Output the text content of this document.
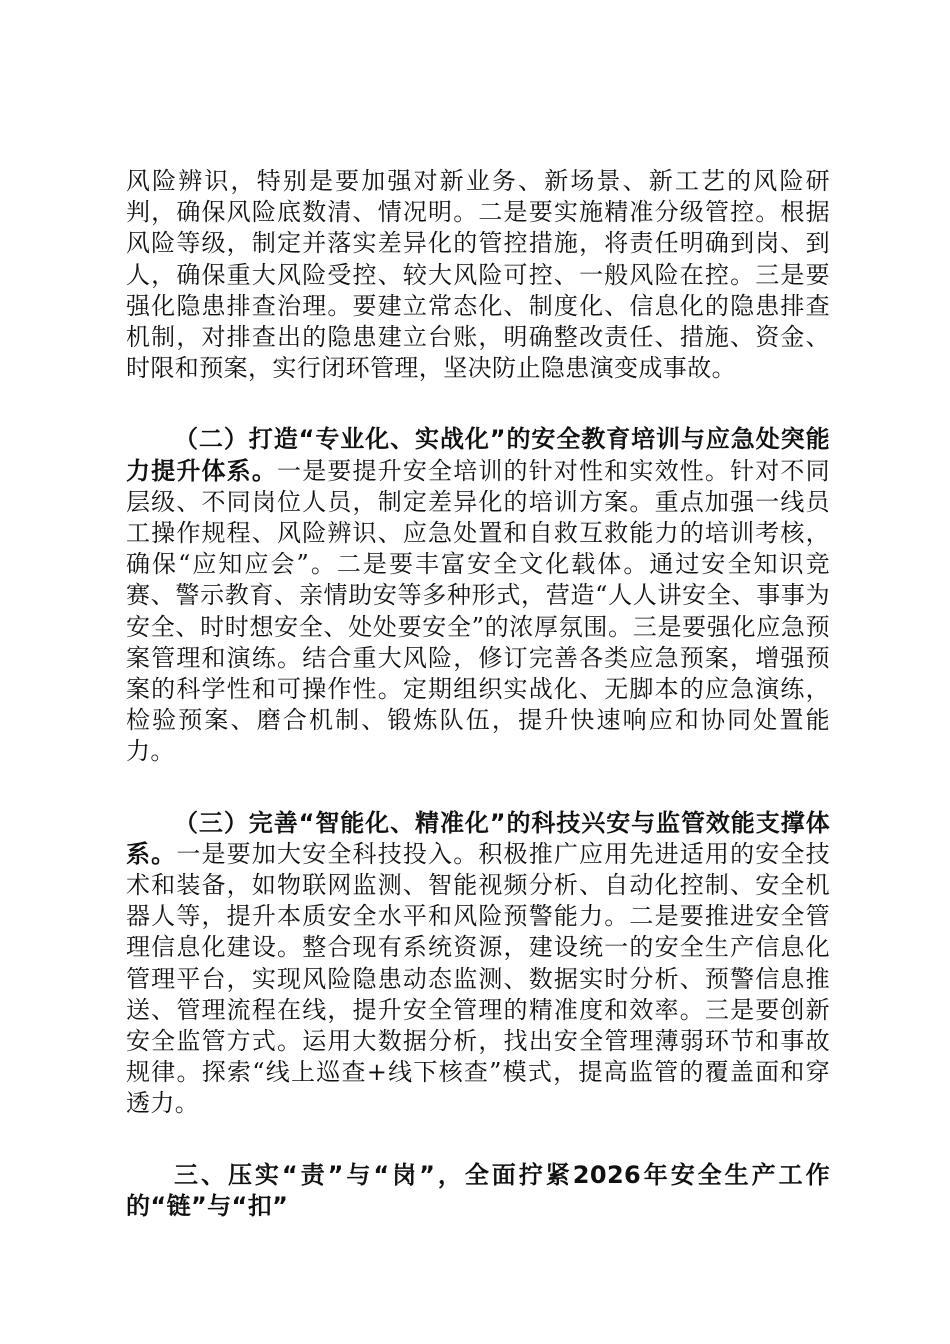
风险辨识，特别是要加强对新业务、新场景、新工艺的风险研判，确保风险底数清、情况明。二是要实施精准分级管控。根据风险等级，制定并落实差异化的管控措施，将责任明确到岗、到人，确保重大风险受控、较大风险可控、一般风险在控。三是要强化隐患排查治理。要建立常态化、制度化、信息化的隐患排查机制，对排查出的隐患建立台账，明确整改责任、措施、资金、时限和预案，实行闭环管理，坚决防止隐患演变成事故。

（二）打造“专业化、实战化”的安全教育培训与应急处突能力提升体系。一是要提升安全培训的针对性和实效性。针对不同层级、不同岗位人员，制定差异化的培训方案。重点加强一线员工操作规程、风险辨识、应急处置和自救互救能力的培训考核，确保“应知应会”。二是要丰富安全文化载体。通过安全知识竞赛、警示教育、亲情助安等多种形式，营造“人人讲安全、事事为安全、时时想安全、处处要安全”的浓厚氛围。三是要强化应急预案管理和演练。结合重大风险，修订完善各类应急预案，增强预案的科学性和可操作性。定期组织实战化、无脚本的应急演练，检验预案、磨合机制、锻炼队伍，提升快速响应和协同处置能力。

（三）完善“智能化、精准化”的科技兴安与监管效能支撑体系。一是要加大安全科技投入。积极推广应用先进适用的安全技术和装备，如物联网监测、智能视频分析、自动化控制、安全机器人等，提升本质安全水平和风险预警能力。二是要推进安全管理信息化建设。整合现有系统资源，建设统一的安全生产信息化管理平台，实现风险隐患动态监测、数据实时分析、预警信息推送、管理流程在线，提升安全管理的精准度和效率。三是要创新安全监管方式。运用大数据分析，找出安全管理薄弱环节和事故规律。探索“线上巡查+线下核查”模式，提高监管的覆盖面和穿透力。

三、压实“责”与“岗”，全面拧紧2026年安全生产工作的“链”与“扣”
